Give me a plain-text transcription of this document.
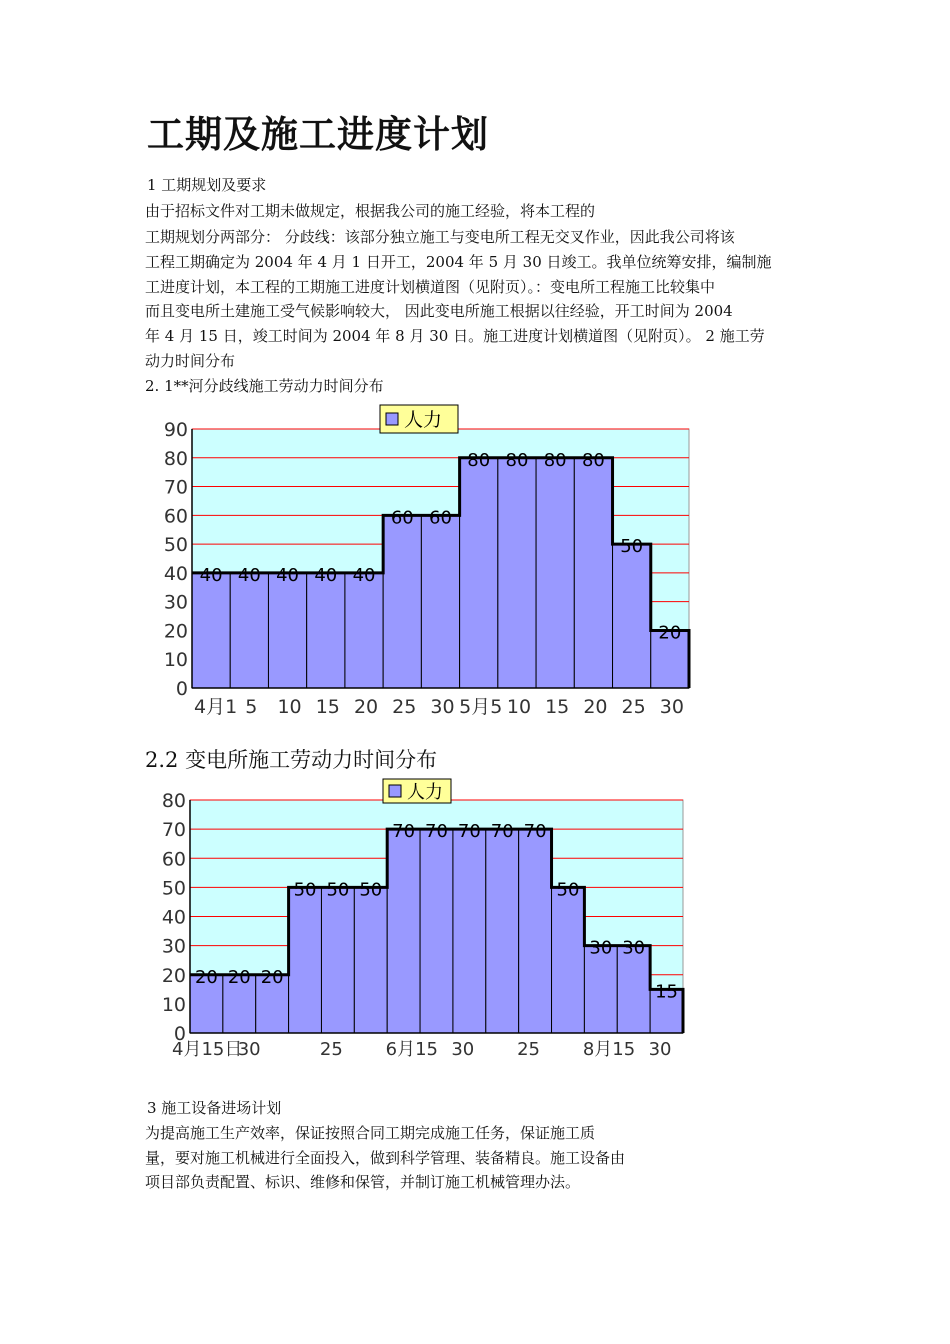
工期及施工进度计划
1 工期规划及要求
由于招标文件对工期未做规定，根据我公司的施工经验，将本工程的
工期规划分两部分： 分歧线：该部分独立施工与变电所工程无交叉作业，因此我公司将该
工程工期确定为 2004 年 4 月 1 日开工，2004 年 5 月 30 日竣工。我单位统筹安排，编制施
工进度计划，本工程的工期施工进度计划横道图（见附页）。：变电所工程施工比较集中
而且变电所土建施工受气候影响较大， 因此变电所施工根据以往经验，开工时间为 2004
年 4 月 15 日，竣工时间为 2004 年 8 月 30 日。施工进度计划横道图（见附页）。 2 施工劳
动力时间分布
2. 1**河分歧线施工劳动力时间分布
0
10
20
30
40
50
60
70
80
90
40 40 40 40 40
60 60
80 80 80 80
50
20
4月1 5 10 15 20 25 30 5月5 10 15 20 25 30
人力
2.2 变电所施工劳动力时间分布
0
10
20
30
40
50
60
70
80
20 20 20
50 50 50
70 70 70 70 70
50
30 30
15
4月15日
30	25 6月15 30 25 8月15 30
人力
3 施工设备进场计划
为提高施工生产效率，保证按照合同工期完成施工任务，保证施工质
量，要对施工机械进行全面投入，做到科学管理、装备精良。施工设备由
项目部负责配置、标识、维修和保管，并制订施工机械管理办法。
